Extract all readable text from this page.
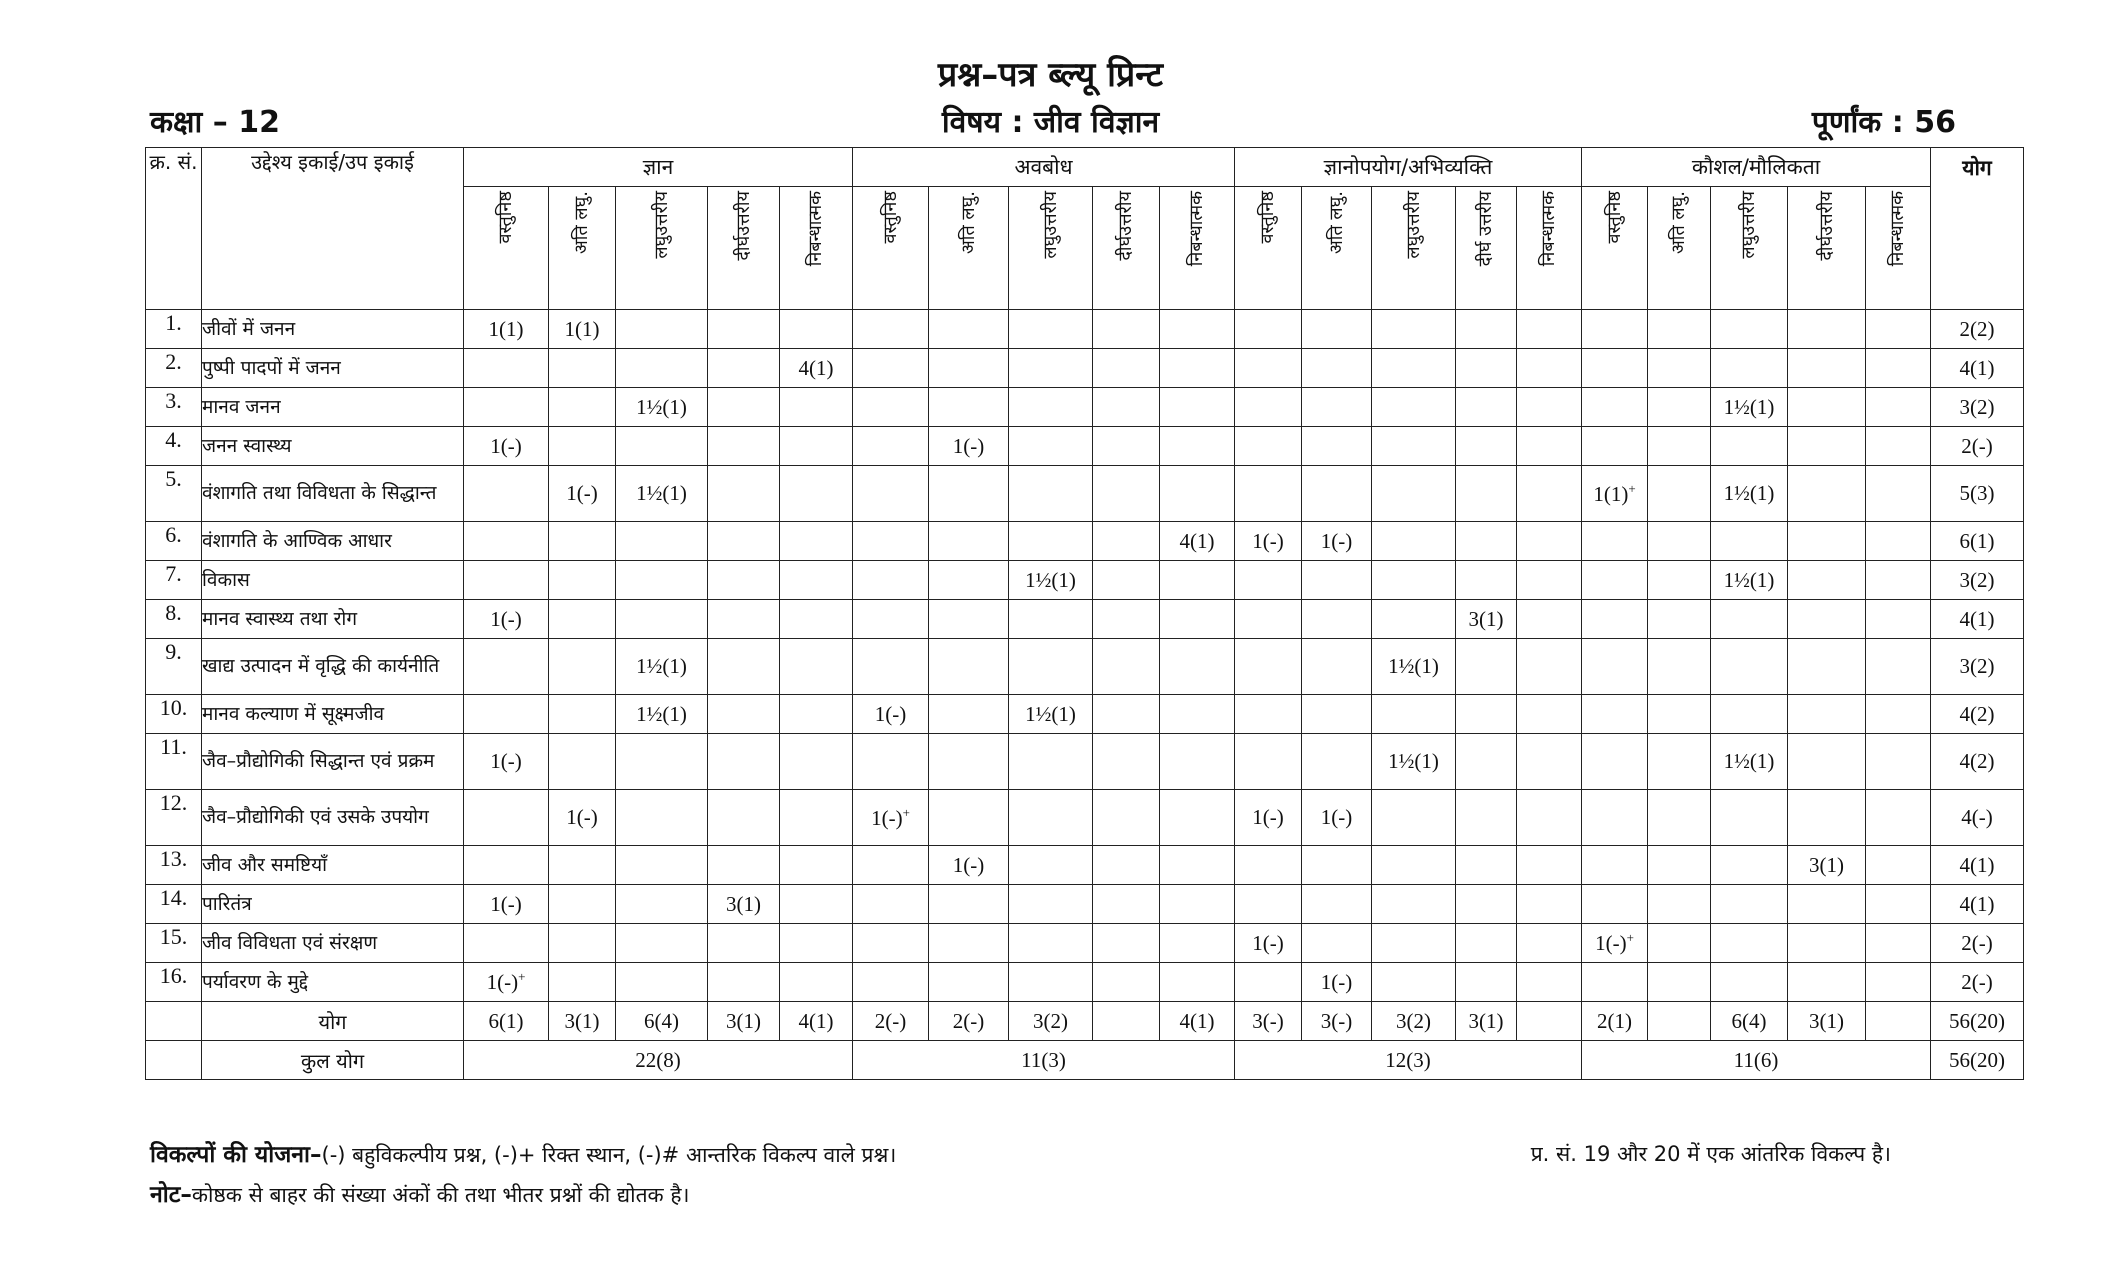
प्रश्न–पत्र ब्ल्यू प्रिन्ट
कक्षा – 12	विषय : जीव विज्ञान	पूर्णांक : 56
क्र. सं.	उद्देश्य इकाई/उप इकाई	ज्ञान					अवबोध					ज्ञानोपयोग/अभिव्यक्ति					कौशल/मौलिकता					योग
		वस्तुनिष्ठ	अति लघु.	लघुउत्तरीय	दीर्घउत्तरीय	निबन्धात्मक	वस्तुनिष्ठ	अति लघु.	लघुउत्तरीय	दीर्घउत्तरीय	निबन्धात्मक	वस्तुनिष्ठ	अति लघु.	लघुउत्तरीय	दीर्घ उत्तरीय	निबन्धात्मक	वस्तुनिष्ठ	अति लघु.	लघुउत्तरीय	दीर्घउत्तरीय	निबन्धात्मक	
1.	जीवों में जनन	1(1)	1(1)																			2(2)
2.	पुष्पी पादपों में जनन					4(1)																4(1)
3.	मानव जनन			1½(1)															1½(1)			3(2)
4.	जनन स्वास्थ्य	1(-)						1(-)														2(-)
5.	वंशागति तथा विविधता के सिद्धान्त		1(-)	1½(1)													1(1)+		1½(1)			5(3)
6.	वंशागति के आण्विक आधार										4(1)	1(-)	1(-)									6(1)
7.	विकास								1½(1)										1½(1)			3(2)
8.	मानव स्वास्थ्य तथा रोग	1(-)													3(1)							4(1)
9.	खाद्य उत्पादन में वृद्धि की कार्यनीति			1½(1)										1½(1)								3(2)
10.	मानव कल्याण में सूक्ष्मजीव			1½(1)			1(-)		1½(1)													4(2)
11.	जैव–प्रौद्योगिकी सिद्धान्त एवं प्रक्रम	1(-)												1½(1)					1½(1)			4(2)
12.	जैव–प्रौद्योगिकी एवं उसके उपयोग		1(-)				1(-)+					1(-)	1(-)									4(-)
13.	जीव और समष्टियाँ							1(-)												3(1)		4(1)
14.	पारितंत्र	1(-)			3(1)																	4(1)
15.	जीव विविधता एवं संरक्षण											1(-)					1(-)+					2(-)
16.	पर्यावरण के मुद्दे	1(-)+											1(-)									2(-)
	योग	6(1)	3(1)	6(4)	3(1)	4(1)	2(-)	2(-)	3(2)		4(1)	3(-)	3(-)	3(2)	3(1)		2(1)		6(4)	3(1)		56(20)
	कुल योग	22(8)					11(3)					12(3)					11(6)					56(20)
विकल्पों की योजना–(-) बहुविकल्पीय प्रश्न, (-)+ रिक्त स्थान, (-)# आन्तरिक विकल्प वाले प्रश्न।	प्र. सं. 19 और 20 में एक आंतरिक विकल्प है।
नोट–कोष्ठक से बाहर की संख्या अंकों की तथा भीतर प्रश्नों की द्योतक है।
